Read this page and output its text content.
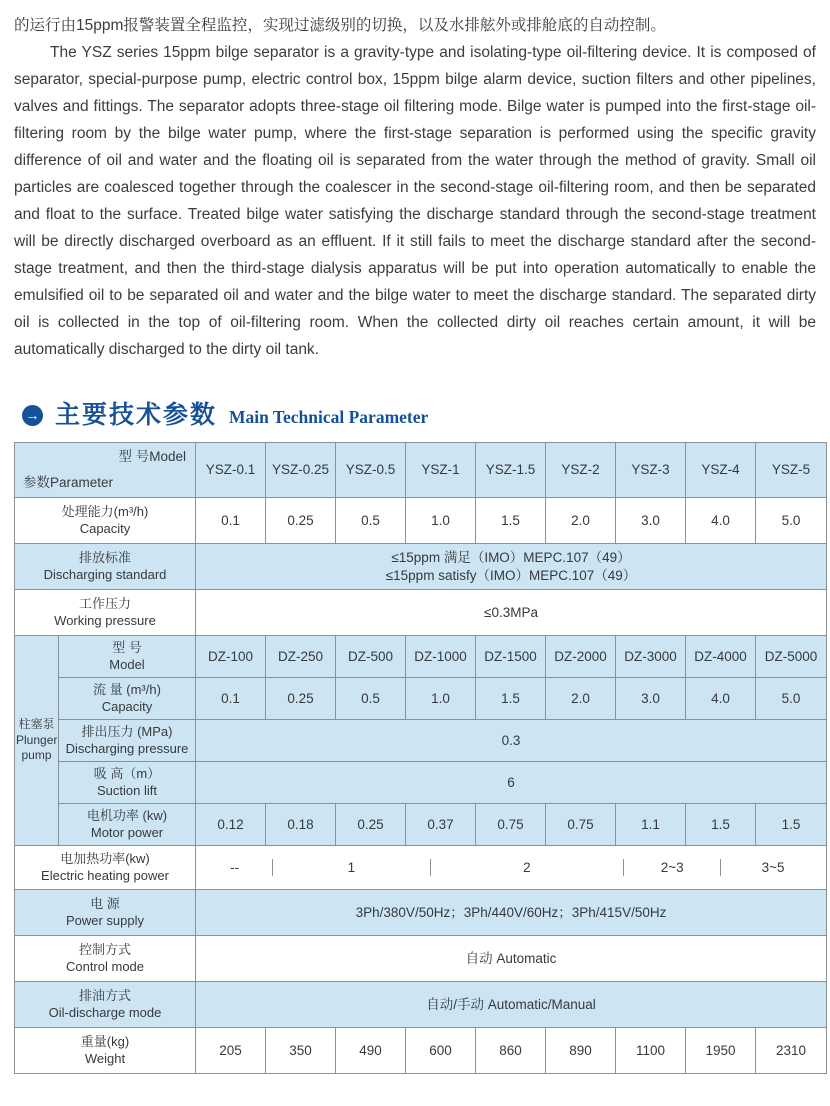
的运行由15ppm报警装置全程监控，实现过滤级别的切换，以及水排舷外或排舱底的自动控制。

The YSZ series 15ppm bilge separator is a gravity-type and isolating-type oil-filtering device. It is composed of separator, special-purpose pump, electric control box, 15ppm bilge alarm device, suction filters and other pipelines, valves and fittings. The separator adopts three-stage oil filtering mode. Bilge water is pumped into the first-stage oil-filtering room by the bilge water pump, where the first-stage separation is performed using the specific gravity difference of oil and water and the floating oil is separated from the water through the method of gravity. Small oil particles are coalesced together through the coalescer in the second-stage oil-filtering room, and then be separated and float to the surface. Treated bilge water satisfying the discharge standard through the second-stage treatment will be directly discharged overboard as an effluent. If it still fails to meet the discharge standard after the second-stage treatment, and then the third-stage dialysis apparatus will be put into operation automatically to enable the emulsified oil to be separated oil and water and the bilge water to meet the discharge standard. The separated dirty oil is collected in the top of oil-filtering room. When the collected dirty oil reaches certain amount, it will be automatically discharged to the dirty oil tank.

→ 主要技术参数 Main Technical Parameter
型 号Model
参数Parameter		YSZ-0.1	YSZ-0.25	YSZ-0.5	YSZ-1	YSZ-1.5	YSZ-2	YSZ-3	YSZ-4	YSZ-5

处理能力(m³/h)
Capacity		0.1	0.25	0.5	1.0	1.5	2.0	3.0	4.0	5.0

排放标准
Discharging standard

≤15ppm 满足（IMO）MEPC.107（49）
≤15ppm satisfy（IMO）MEPC.107（49）

工作压力
Working pressure		≤0.3MPa								

柱塞泵
Plunger pump	型 号
Model	DZ-100	DZ-250	DZ-500	DZ-1000	DZ-1500	DZ-2000	DZ-3000	DZ-4000	DZ-5000

	流 量 (m³/h)
Capacity	0.1	0.25	0.5	1.0	1.5	2.0	3.0	4.0	5.0

	排出压力 (MPa)
Discharging pressure	0.3								

	吸 高（m）
Suction lift	6								

	电机功率 (kw)
Motor power	0.12	0.18	0.25	0.37	0.75	0.75	1.1	1.5	1.5

电加热功率(kw)
Electric heating power

--	1	2	2~3	3~5

电 源
Power supply		3Ph/380V/50Hz；3Ph/440V/60Hz；3Ph/415V/50Hz								

控制方式
Control mode		自动 Automatic								

排油方式
Oil-discharge mode		自动/手动 Automatic/Manual								

重量(kg)
Weight		205	350	490	600	860	890	1100	1950	2310
